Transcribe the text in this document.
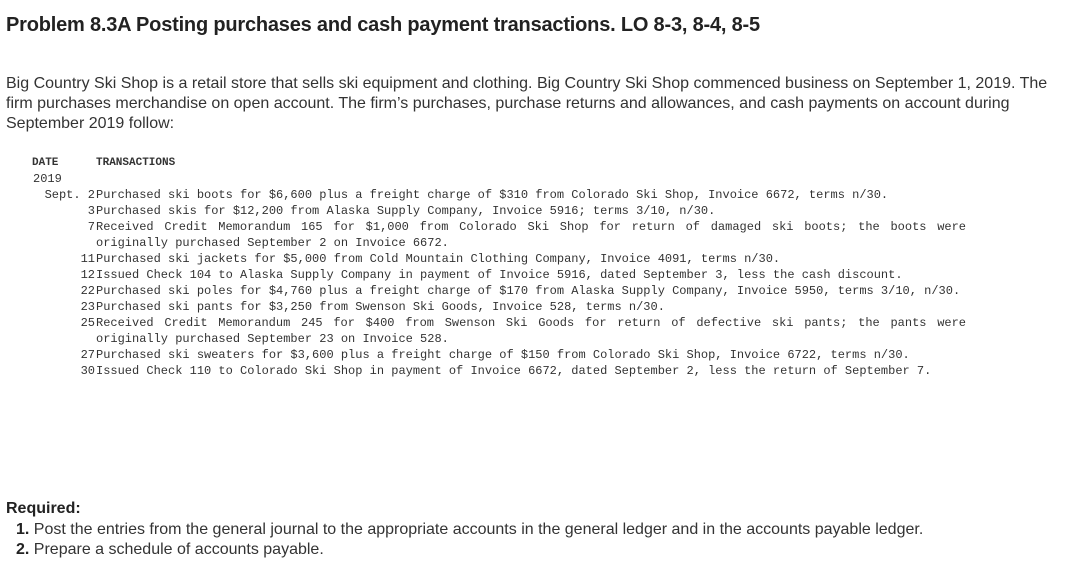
Problem 8.3A Posting purchases and cash payment transactions. LO 8-3, 8-4, 8-5

Big Country Ski Shop is a retail store that sells ski equipment and clothing. Big Country Ski Shop commenced business on September 1, 2019. The firm purchases merchandise on open account. The firm’s purchases, purchase returns and allowances, and cash payments on account during September 2019 follow:

DATE	TRANSACTIONS
2019
Sept. 2 Purchased ski boots for $6,600 plus a freight charge of $310 from Colorado Ski Shop, Invoice 6672, terms n/30.
3 Purchased skis for $12,200 from Alaska Supply Company, Invoice 5916; terms 3/10, n/30.
7 Received Credit Memorandum 165 for $1,000 from Colorado Ski Shop for return of damaged ski boots; the boots were originally purchased September 2 on Invoice 6672.
11 Purchased ski jackets for $5,000 from Cold Mountain Clothing Company, Invoice 4091, terms n/30.
12 Issued Check 104 to Alaska Supply Company in payment of Invoice 5916, dated September 3, less the cash discount.
22 Purchased ski poles for $4,760 plus a freight charge of $170 from Alaska Supply Company, Invoice 5950, terms 3/10, n/30.
23 Purchased ski pants for $3,250 from Swenson Ski Goods, Invoice 528, terms n/30.
25 Received Credit Memorandum 245 for $400 from Swenson Ski Goods for return of defective ski pants; the pants were originally purchased September 23 on Invoice 528.
27 Purchased ski sweaters for $3,600 plus a freight charge of $150 from Colorado Ski Shop, Invoice 6722, terms n/30.
30 Issued Check 110 to Colorado Ski Shop in payment of Invoice 6672, dated September 2, less the return of September 7.
Required:
1. Post the entries from the general journal to the appropriate accounts in the general ledger and in the accounts payable ledger.
2. Prepare a schedule of accounts payable.
